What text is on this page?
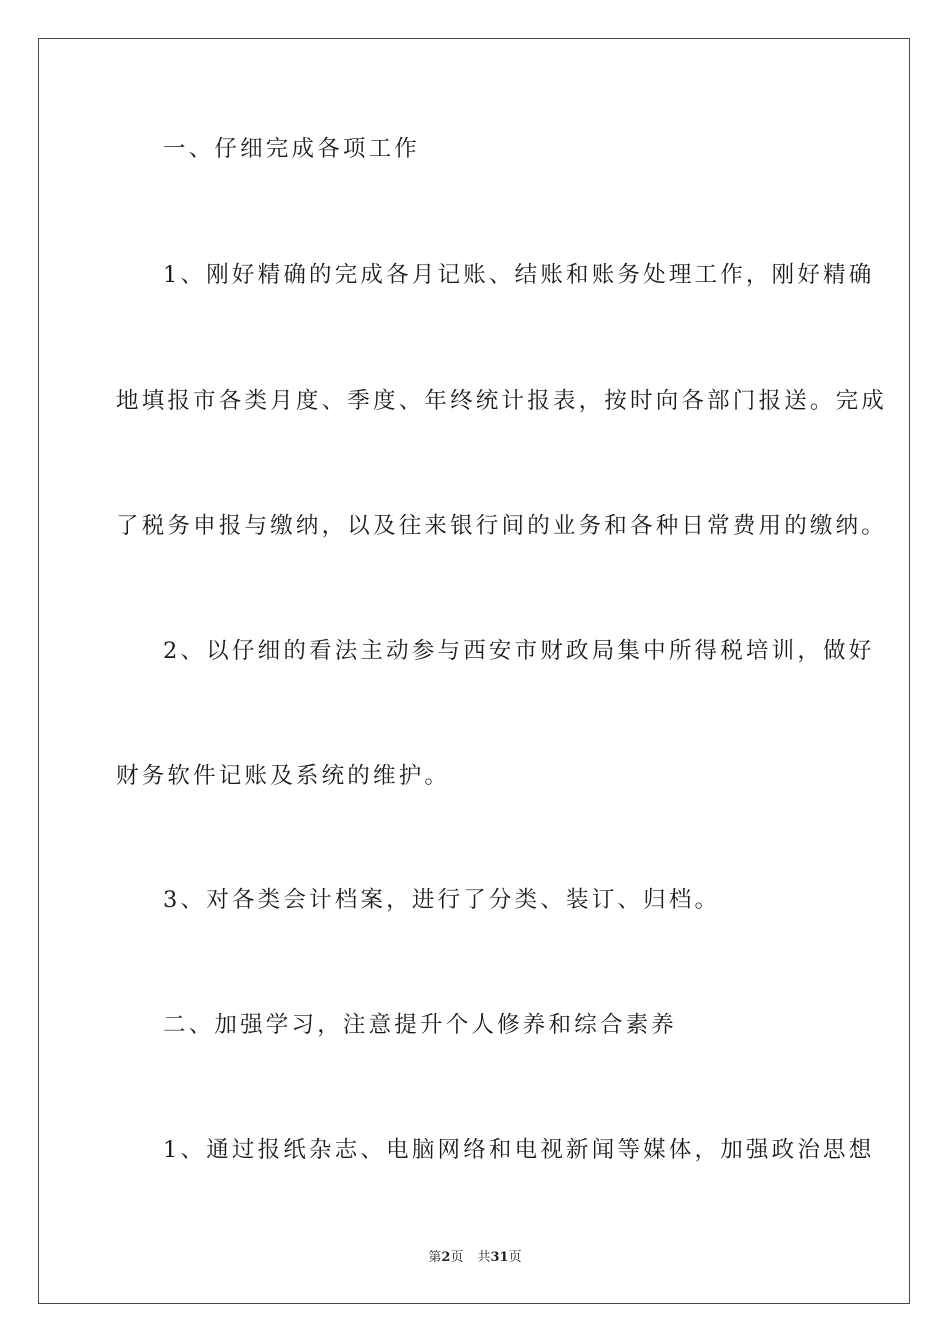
一、仔细完成各项工作
1、刚好精确的完成各月记账、结账和账务处理工作，刚好精确
地填报市各类月度、季度、年终统计报表，按时向各部门报送。完成
了税务申报与缴纳，以及往来银行间的业务和各种日常费用的缴纳。
2、以仔细的看法主动参与西安市财政局集中所得税培训，做好
财务软件记账及系统的维护。
3、对各类会计档案，进行了分类、装订、归档。
二、加强学习，注意提升个人修养和综合素养
1、通过报纸杂志、电脑网络和电视新闻等媒体，加强政治思想
第2页 共31页
